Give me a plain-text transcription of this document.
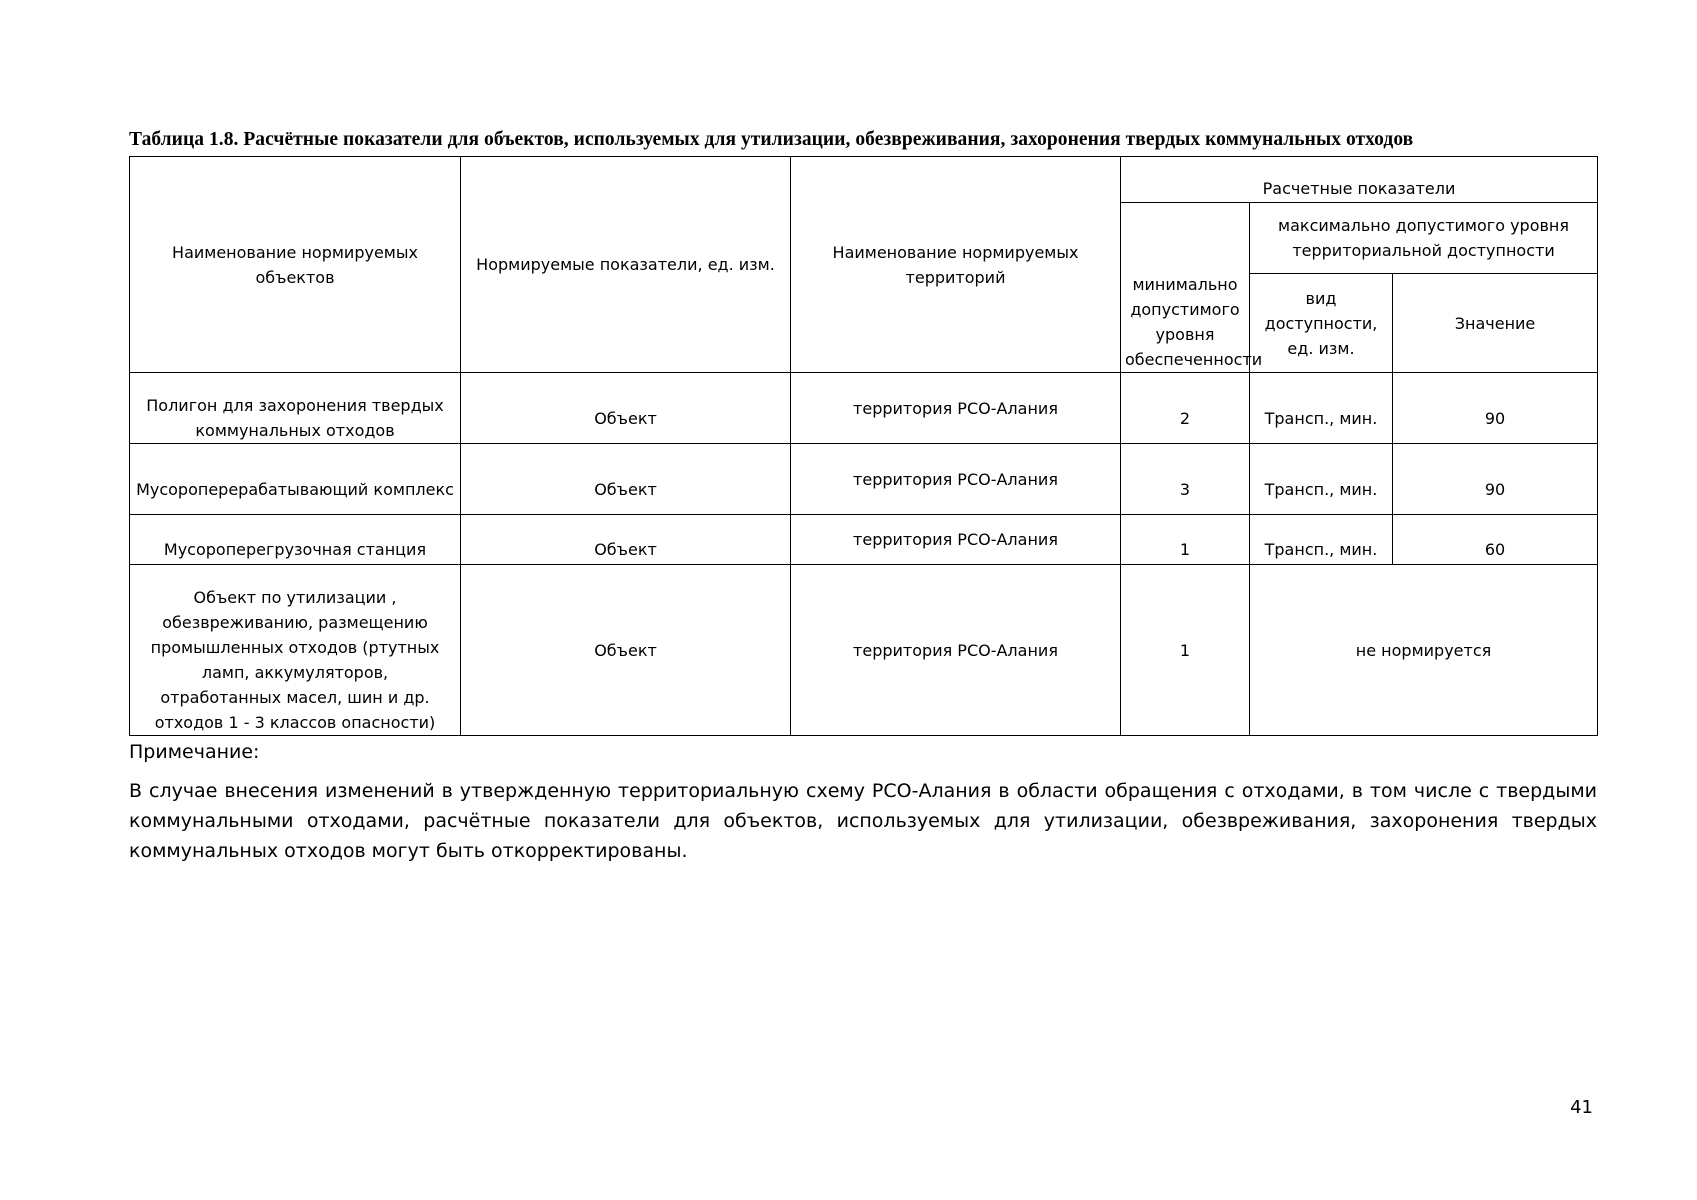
Таблица 1.8. Расчётные показатели для объектов, используемых для утилизации, обезвреживания, захоронения твердых коммунальных отходов
Наименование нормируемых объектов	Нормируемые показатели, ед. изм.	Наименование нормируемых территорий	Расчетные показатели		
			минимально допустимого уровня обеспеченности	максимально допустимого уровня территориальной доступности	
				вид доступности, ед. изм.	Значение
Полигон для захоронения твердых коммунальных отходов	Объект	территория РСО-Алания	2	Трансп., мин.	90
Мусороперерабатывающий комплекс	Объект	территория РСО-Алания	3	Трансп., мин.	90
Мусороперегрузочная станция	Объект	территория РСО-Алания	1	Трансп., мин.	60
Объект по утилизации , обезвреживанию, размещению промышленных отходов (ртутных ламп, аккумуляторов, отработанных масел, шин и др. отходов 1 - 3 классов опасности)	Объект	территория РСО-Алания	1	не нормируется	
Примечание:
В случае внесения изменений в утвержденную территориальную схему РСО-Алания в области обращения с отходами, в том числе с твердыми коммунальными отходами, расчётные показатели для объектов, используемых для утилизации, обезвреживания, захоронения твердых коммунальных отходов могут быть откорректированы.
41
